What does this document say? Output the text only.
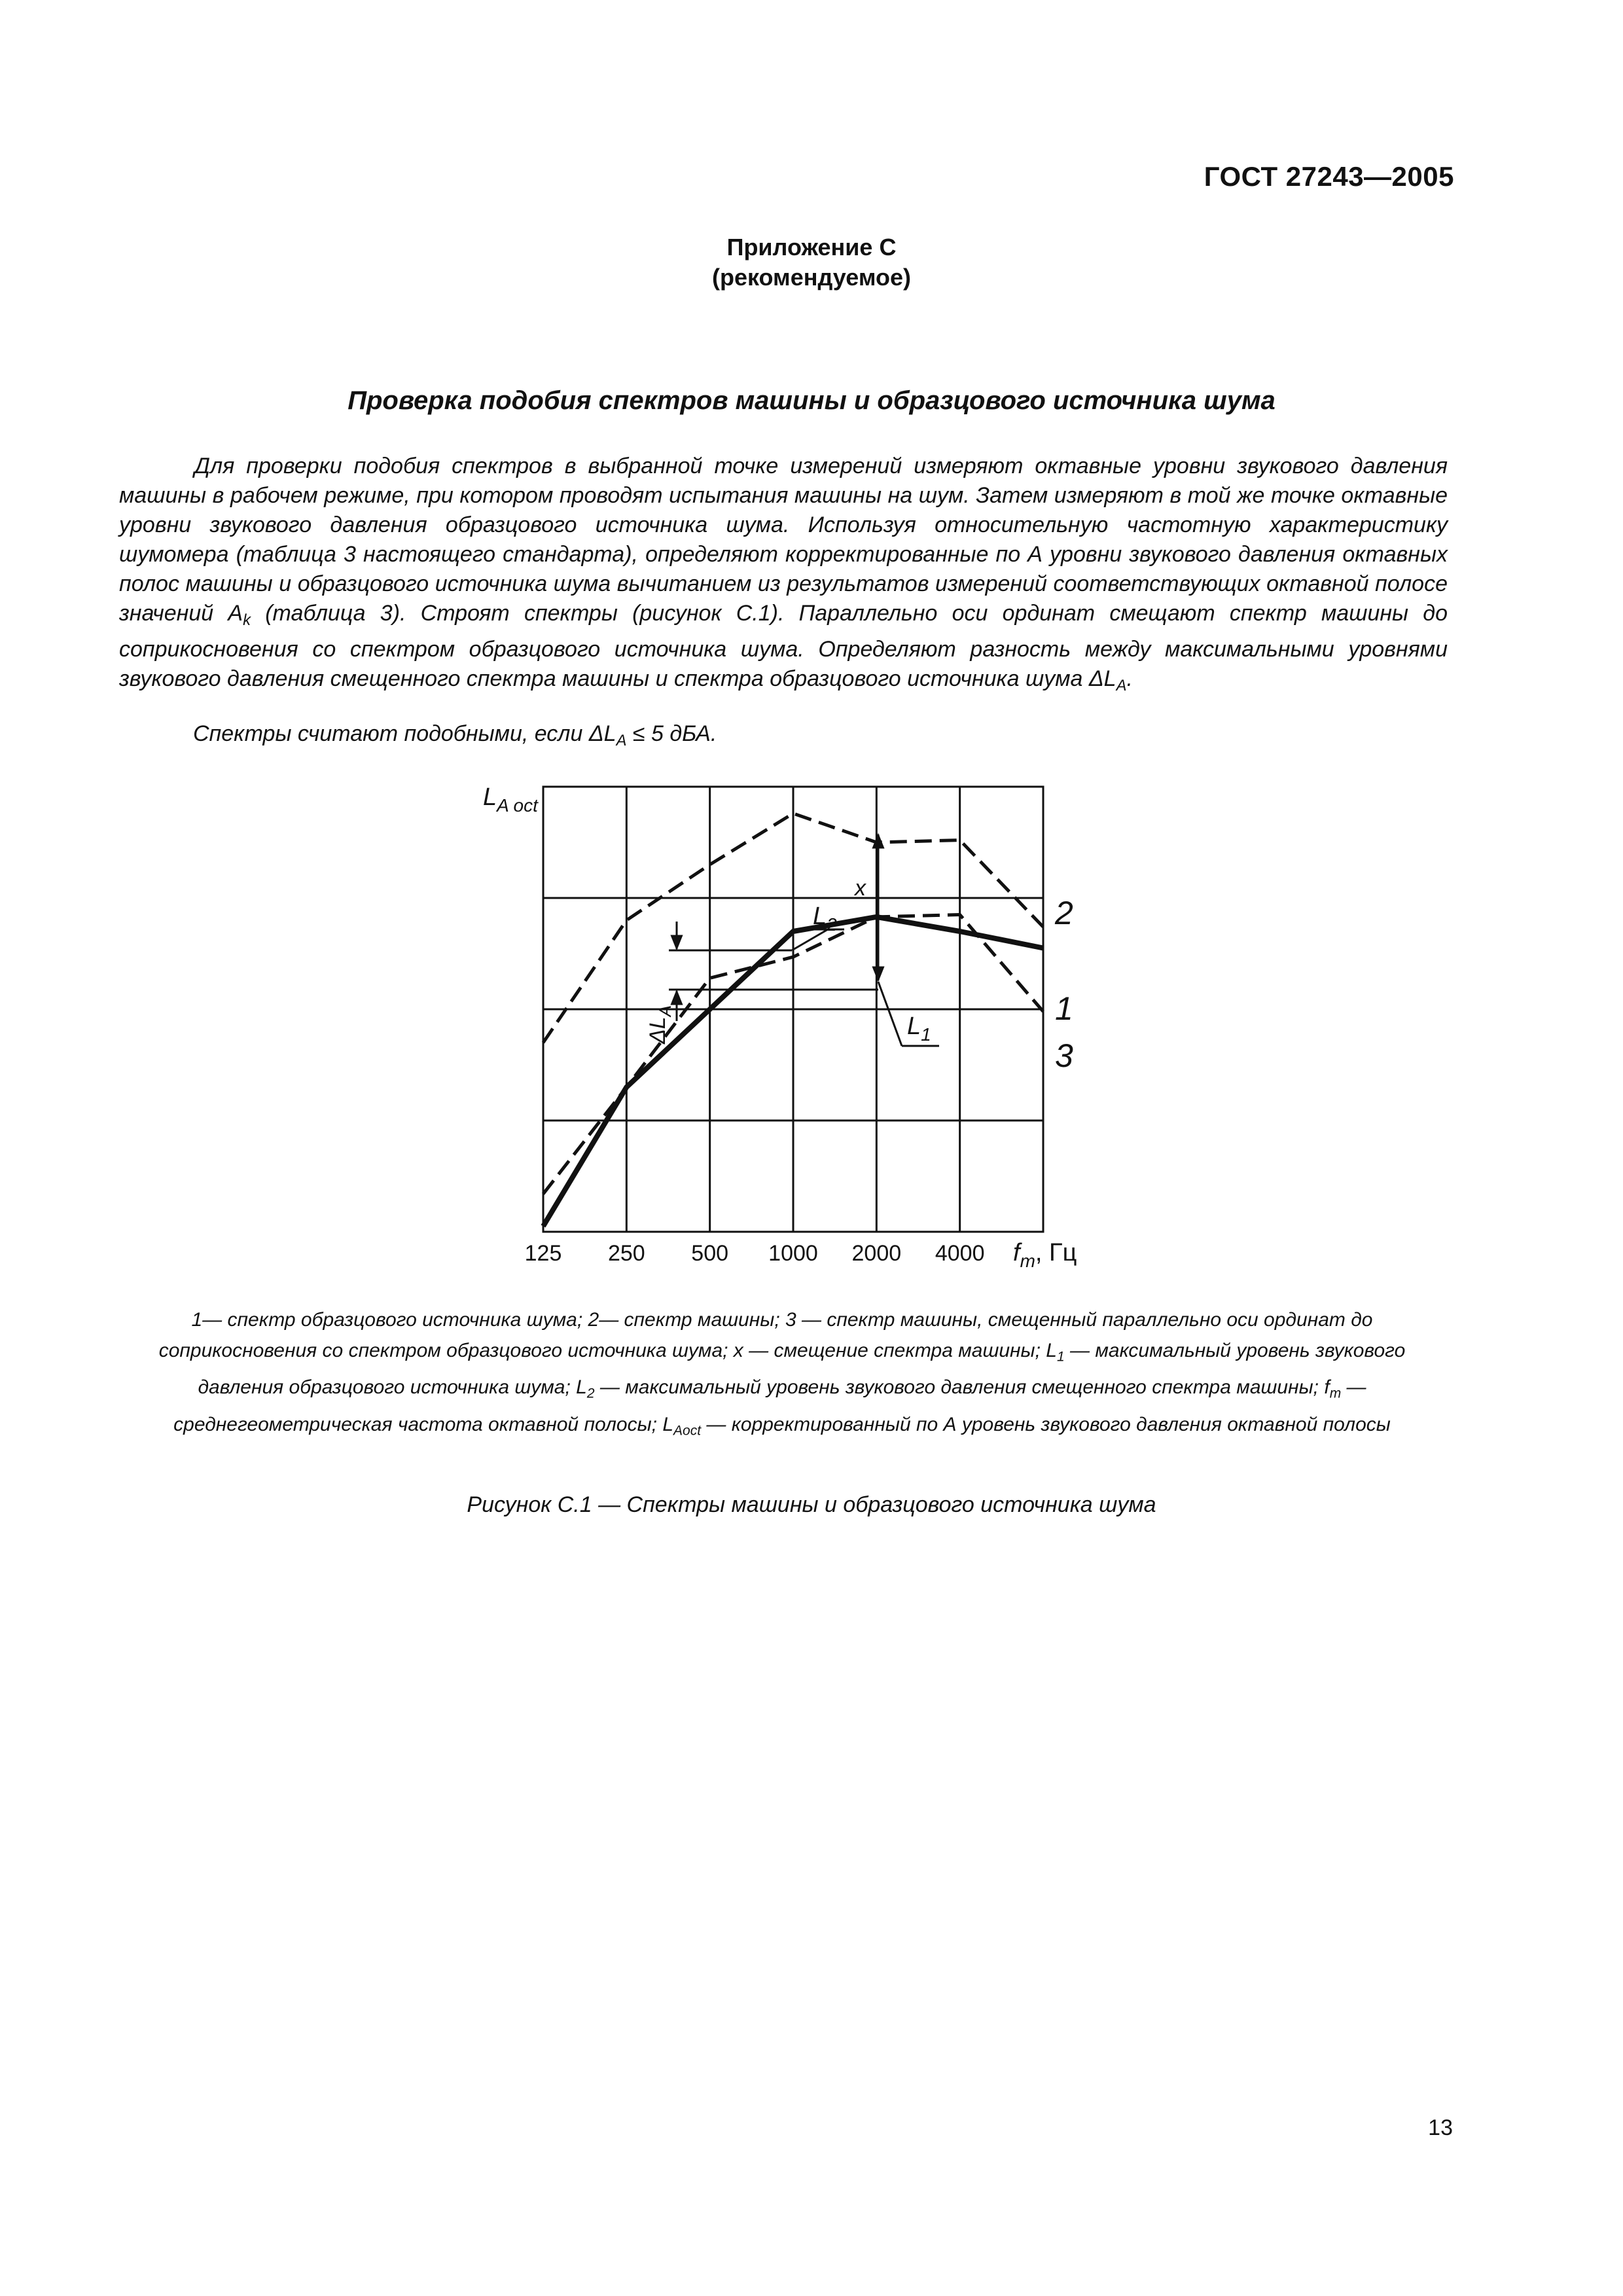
ГОСТ 27243—2005
Приложение С
(рекомендуемое)
Проверка подобия спектров машины и образцового источника шума
Для проверки подобия спектров в выбранной точке измерений измеряют октавные уровни звукового давления машины в рабочем режиме, при котором проводят испытания машины на шум. Затем измеряют в той же точке октавные уровни звукового давления образцового источника шума. Используя относительную частотную характеристику шумомера (таблица 3 настоящего стандарта), определяют корректированные по А уровни звукового давления октавных полос машины и образцового источника шума вычитанием из результатов измерений соответствующих октавной полосе значений $A_k$ (таблица 3). Строят спектры (рисунок С.1). Параллельно оси ординат смещают спектр машины до соприкосновения со спектром образцового источника шума. Определяют разность между максимальными уровнями звукового давления смещенного спектра машины и спектра образцового источника шума $\Delta L_A$.
Спектры считают подобными, если $\Delta L_A \le 5$ дБА.
$L_2$
$L_1$
$\Delta L_A$
x
$L_{A oct}$
125 250 500 1000 2000 4000 $f_m$, Гц
1
2
3
1— спектр образцового источника шума; 2— спектр машины; 3 — спектр машины, смещенный параллельно оси ординат до соприкосновения со спектром образцового источника шума; x — смещение спектра машины; $L_1$ — максимальный уровень звукового давления образцового источника шума; $L_2$ — максимальный уровень звукового давления смещенного спектра машины; $f_m$ — среднегеометрическая частота октавной полосы; $L_{Aoct}$ — корректированный по А уровень звукового давления октавной полосы
Рисунок С.1 — Спектры машины и образцового источника шума
13
